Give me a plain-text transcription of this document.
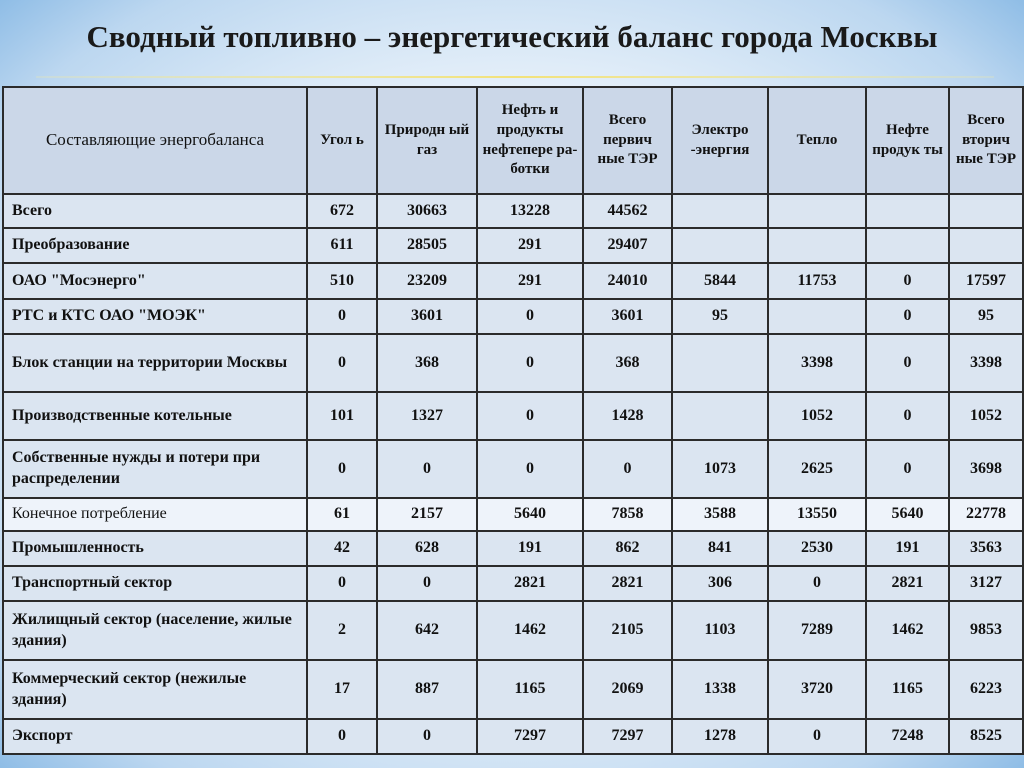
Сводный топливно – энергетический баланс города Москвы
Составляющие энергобаланса	Угол ь	Природн ый газ	Нефть и продукты нефтепере ра-ботки	Всего первич ные ТЭР	Электро -энергия	Тепло	Нефте продук ты	Всего вторич ные ТЭР
Всего	672	30663	13228	44562				
Преобразование	611	28505	291	29407				
ОАО "Мосэнерго"	510	23209	291	24010	5844	11753	0	17597
РТС и КТС ОАО "МОЭК"	0	3601	0	3601	95		0	95
Блок станции на территории Москвы	0	368	0	368		3398	0	3398
Производственные котельные	101	1327	0	1428		1052	0	1052
Собственные нужды и потери при распределении	0	0	0	0	1073	2625	0	3698
Конечное потребление	61	2157	5640	7858	3588	13550	5640	22778
Промышленность	42	628	191	862	841	2530	191	3563
Транспортный сектор	0	0	2821	2821	306	0	2821	3127
Жилищный сектор (население, жилые здания)	2	642	1462	2105	1103	7289	1462	9853
Коммерческий сектор (нежилые здания)	17	887	1165	2069	1338	3720	1165	6223
Экспорт	0	0	7297	7297	1278	0	7248	8525
